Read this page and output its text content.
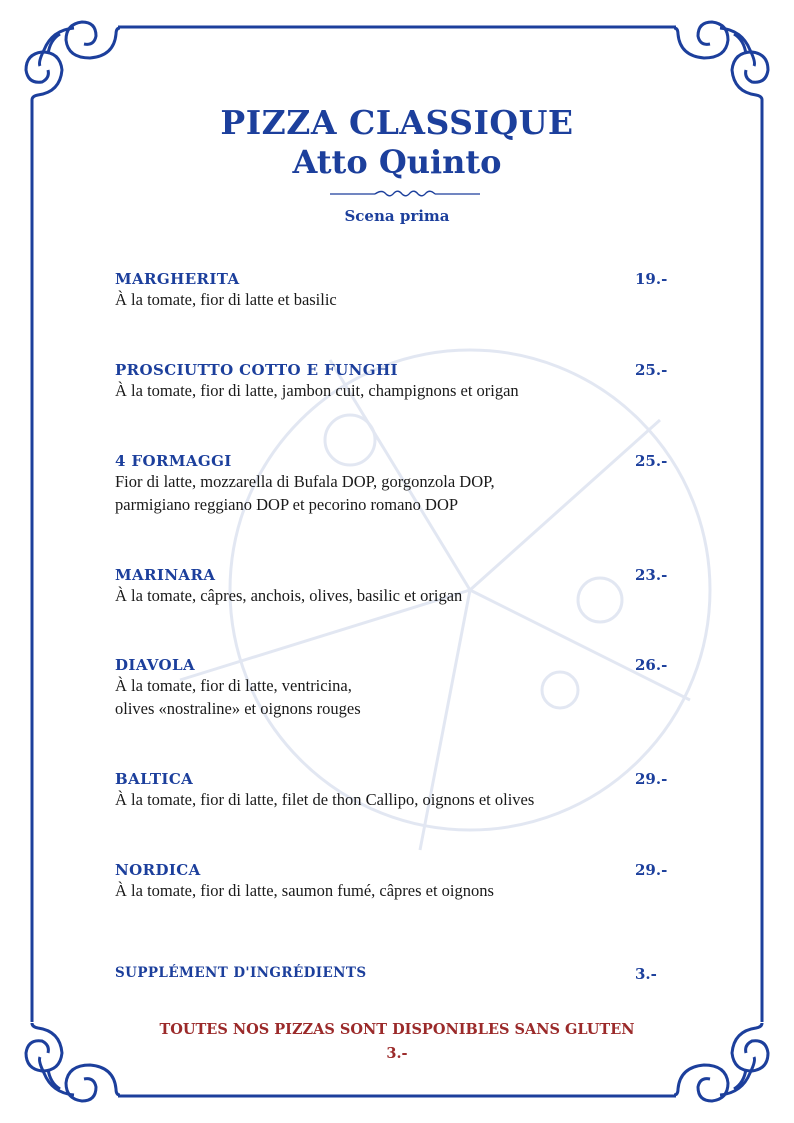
PIZZA CLASSIQUE
Atto Quinto
Scena prima
MARGHERITA	19.-
À la tomate, fior di latte et basilic
PROSCIUTTO COTTO E FUNGHI	25.-
À la tomate, fior di latte, jambon cuit, champignons et origan
4 FORMAGGI	25.-
Fior di latte, mozzarella di Bufala DOP, gorgonzola DOP,
parmigiano reggiano DOP et pecorino romano DOP
MARINARA	23.-
À la tomate, câpres, anchois, olives, basilic et origan
DIAVOLA	26.-
À la tomate, fior di latte, ventricina,
olives «nostraline» et oignons rouges
BALTICA	29.-
À la tomate, fior di latte, filet de thon Callipo, oignons et olives
NORDICA	29.-
À la tomate, fior di latte, saumon fumé, câpres et oignons
SUPPLÉMENT D'INGRÉDIENTS	3.-
TOUTES NOS PIZZAS SONT DISPONIBLES SANS GLUTEN
3.-
